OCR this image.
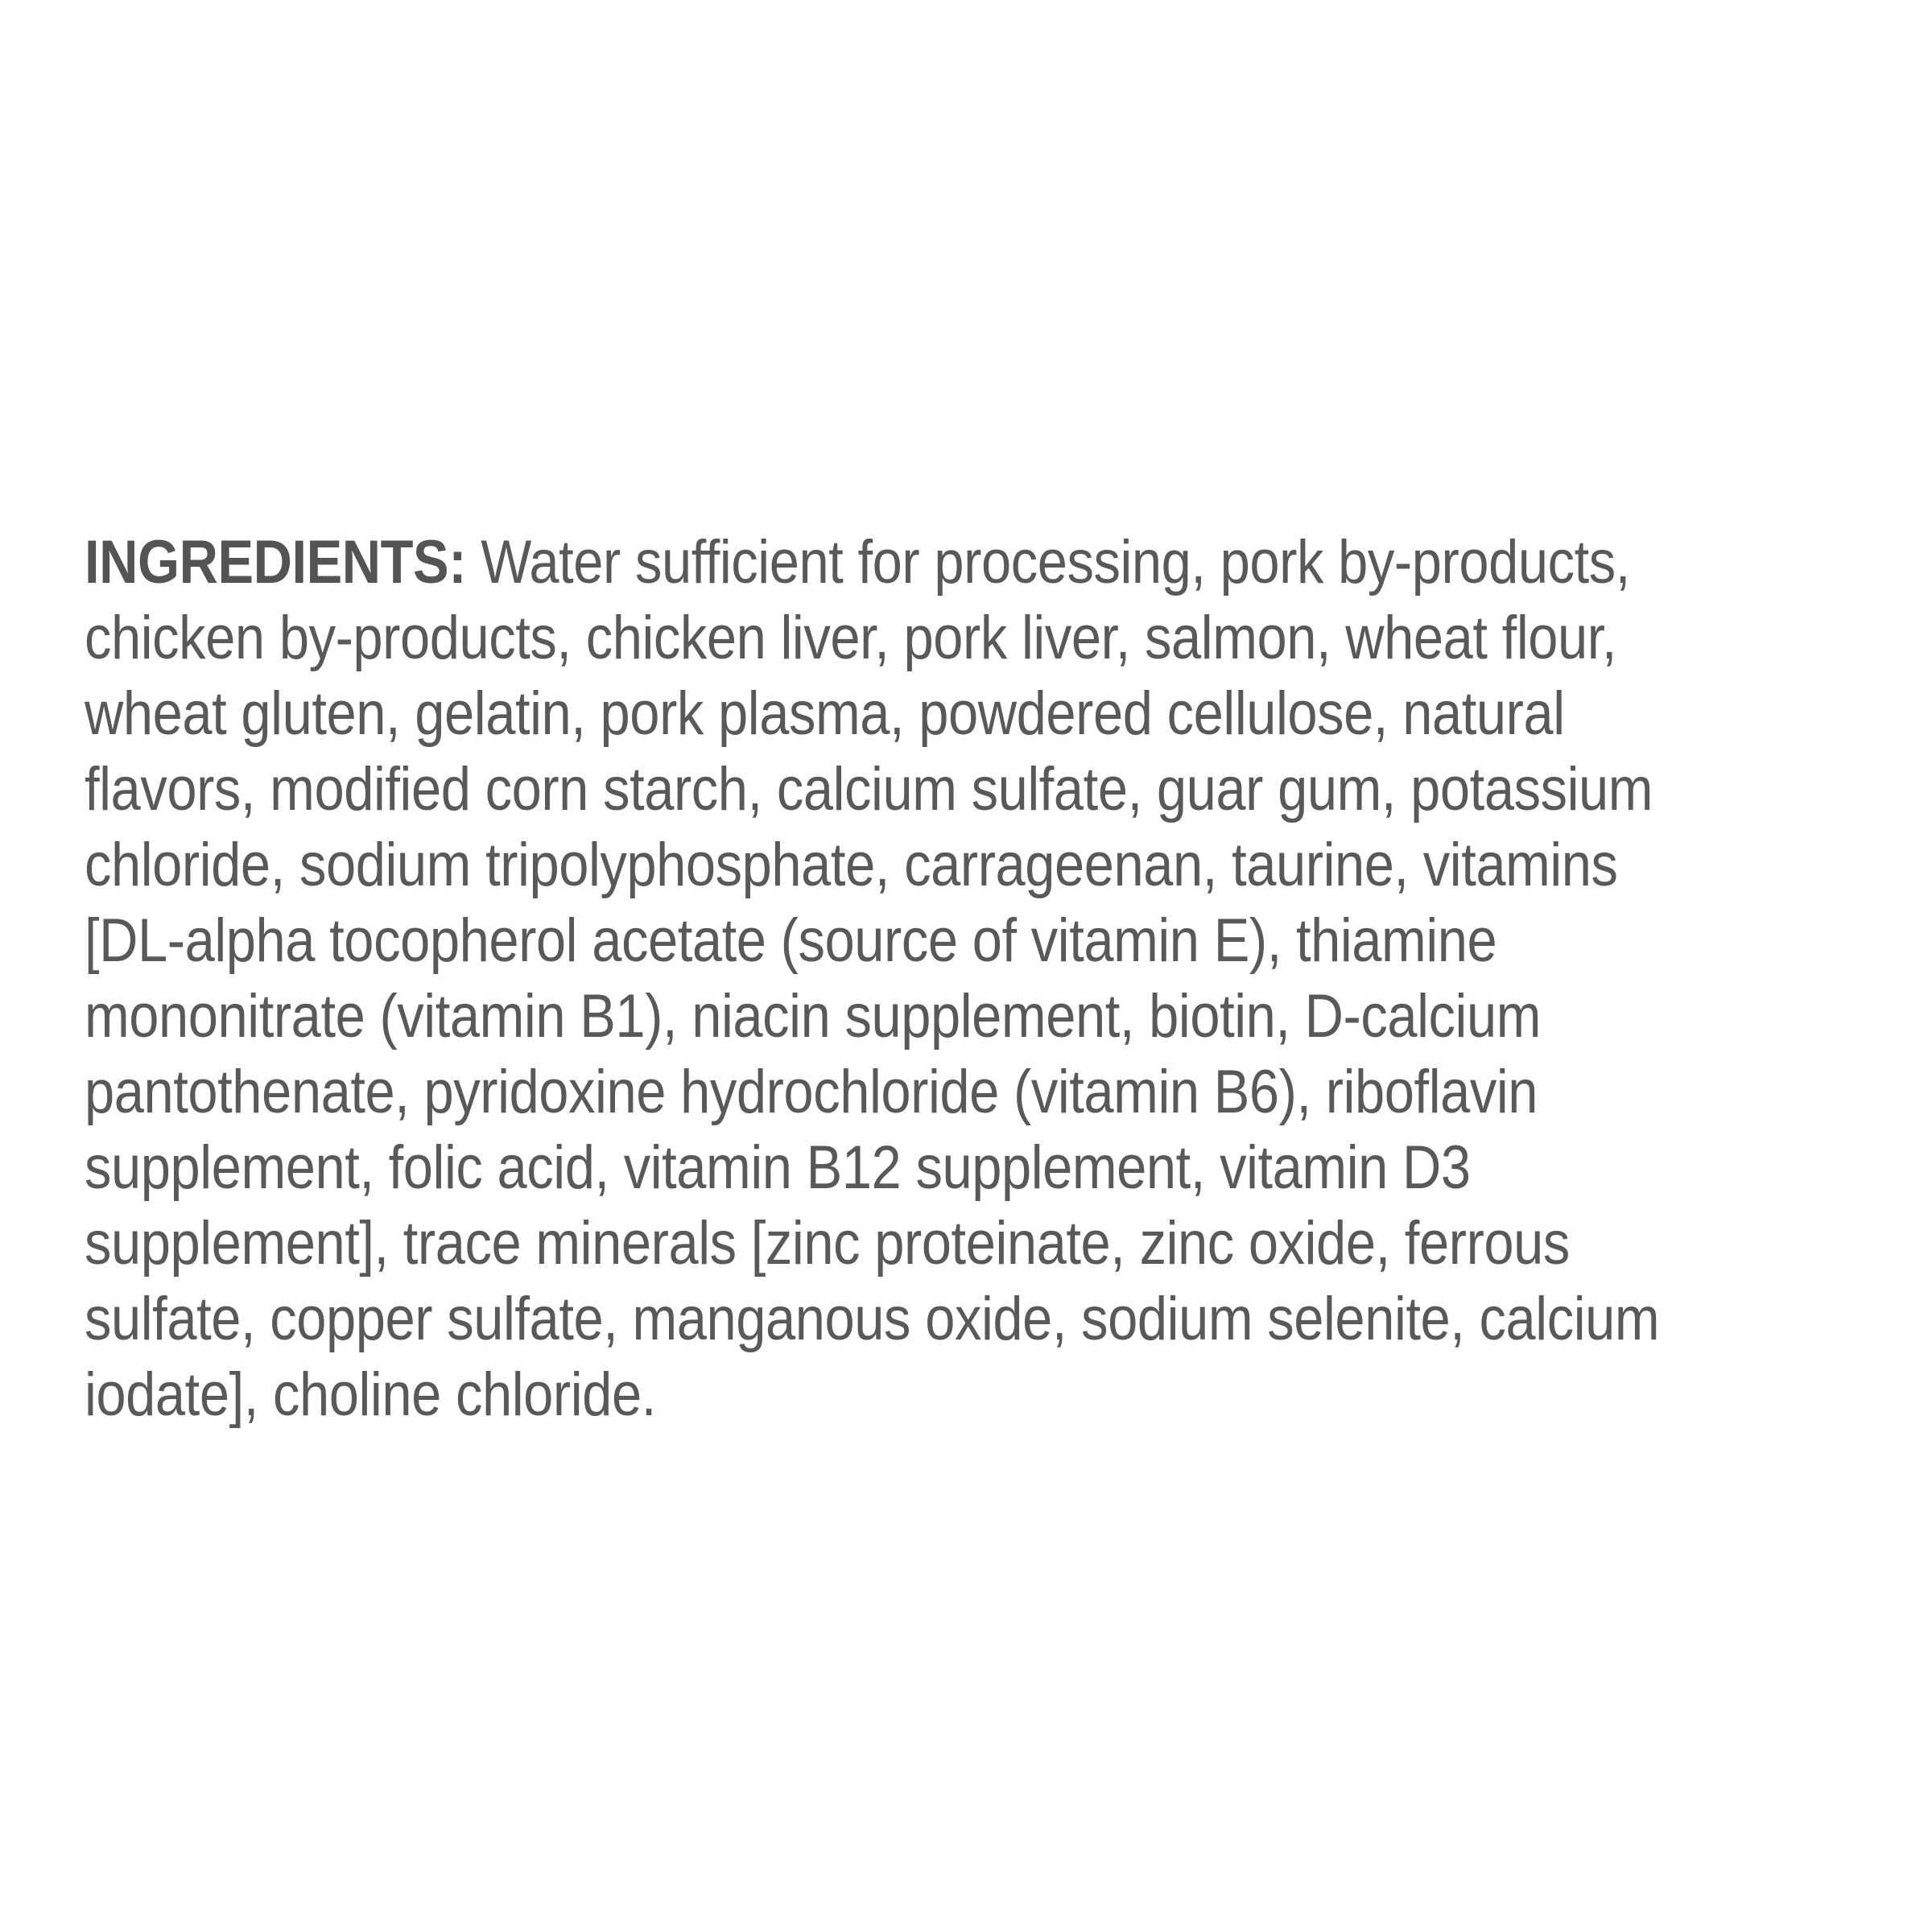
INGREDIENTS: Water sufficient for processing, pork by-products,
chicken by-products, chicken liver, pork liver, salmon, wheat flour,
wheat gluten, gelatin, pork plasma, powdered cellulose, natural
flavors, modified corn starch, calcium sulfate, guar gum, potassium
chloride, sodium tripolyphosphate, carrageenan, taurine, vitamins
[DL-alpha tocopherol acetate (source of vitamin E), thiamine
mononitrate (vitamin B1), niacin supplement, biotin, D-calcium
pantothenate, pyridoxine hydrochloride (vitamin B6), riboflavin
supplement, folic acid, vitamin B12 supplement, vitamin D3
supplement], trace minerals [zinc proteinate, zinc oxide, ferrous
sulfate, copper sulfate, manganous oxide, sodium selenite, calcium
iodate], choline chloride.
